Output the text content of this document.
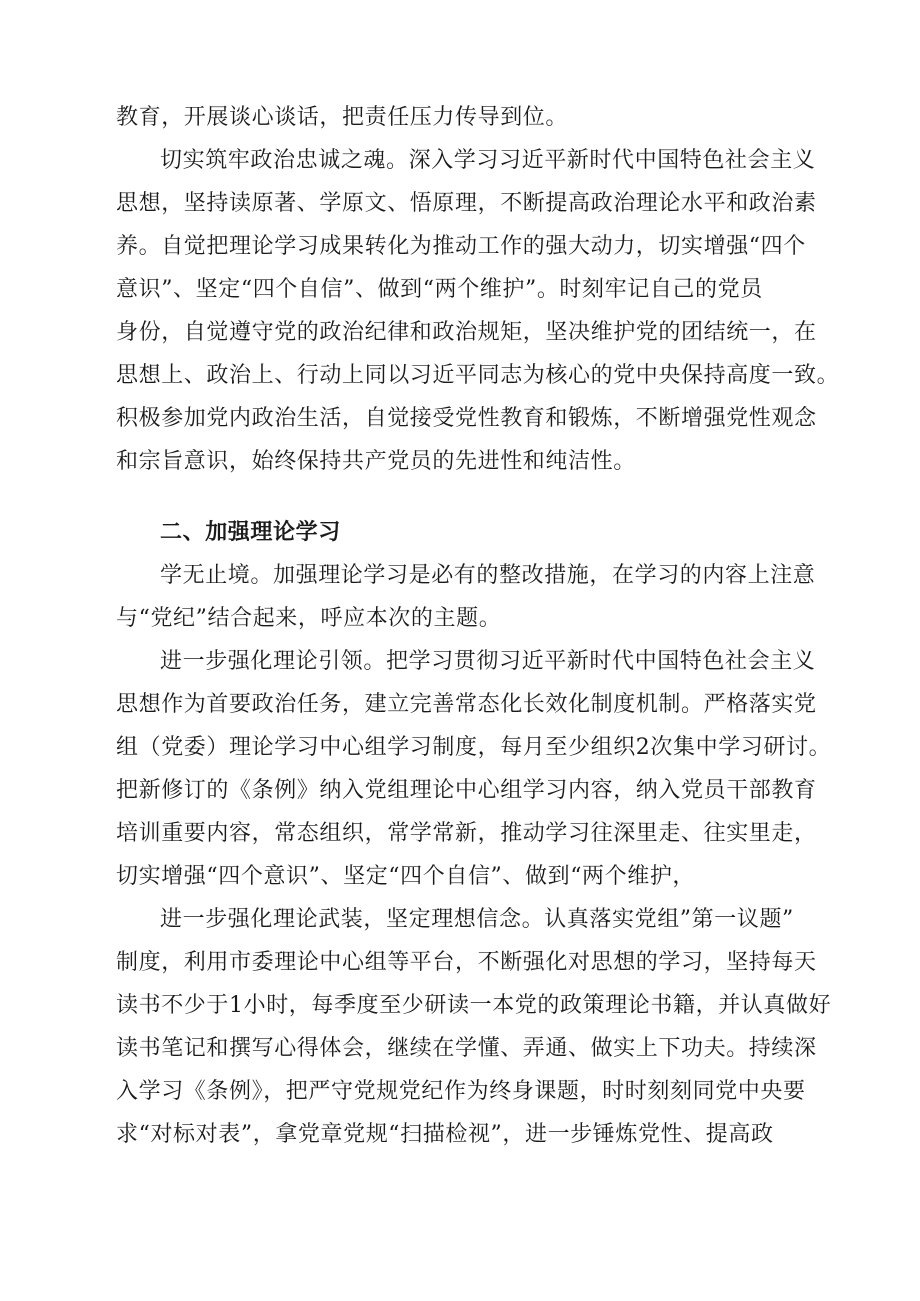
教育，开展谈心谈话，把责任压力传导到位。
切实筑牢政治忠诚之魂。深入学习习近平新时代中国特色社会主义
思想，坚持读原著、学原文、悟原理，不断提高政治理论水平和政治素
养。自觉把理论学习成果转化为推动工作的强大动力，切实增强“四个
意识”、坚定“四个自信”、做到“两个维护”。时刻牢记自己的党员
身份，自觉遵守党的政治纪律和政治规矩，坚决维护党的团结统一，在
思想上、政治上、行动上同以习近平同志为核心的党中央保持高度一致。
积极参加党内政治生活，自觉接受党性教育和锻炼，不断增强党性观念
和宗旨意识，始终保持共产党员的先进性和纯洁性。
二、加强理论学习
学无止境。加强理论学习是必有的整改措施，在学习的内容上注意
与“党纪”结合起来，呼应本次的主题。
进一步强化理论引领。把学习贯彻习近平新时代中国特色社会主义
思想作为首要政治任务，建立完善常态化长效化制度机制。严格落实党
组（党委）理论学习中心组学习制度，每月至少组织2次集中学习研讨。
把新修订的《条例》纳入党组理论中心组学习内容，纳入党员干部教育
培训重要内容，常态组织，常学常新，推动学习往深里走、往实里走，
切实增强“四个意识”、坚定“四个自信”、做到“两个维护，
进一步强化理论武装，坚定理想信念。认真落实党组”第一议题”
制度，利用市委理论中心组等平台，不断强化对思想的学习，坚持每天
读书不少于1小时，每季度至少研读一本党的政策理论书籍，并认真做好
读书笔记和撰写心得体会，继续在学懂、弄通、做实上下功夫。持续深
入学习《条例》，把严守党规党纪作为终身课题，时时刻刻同党中央要
求“对标对表”，拿党章党规“扫描检视”，进一步锤炼党性、提高政
